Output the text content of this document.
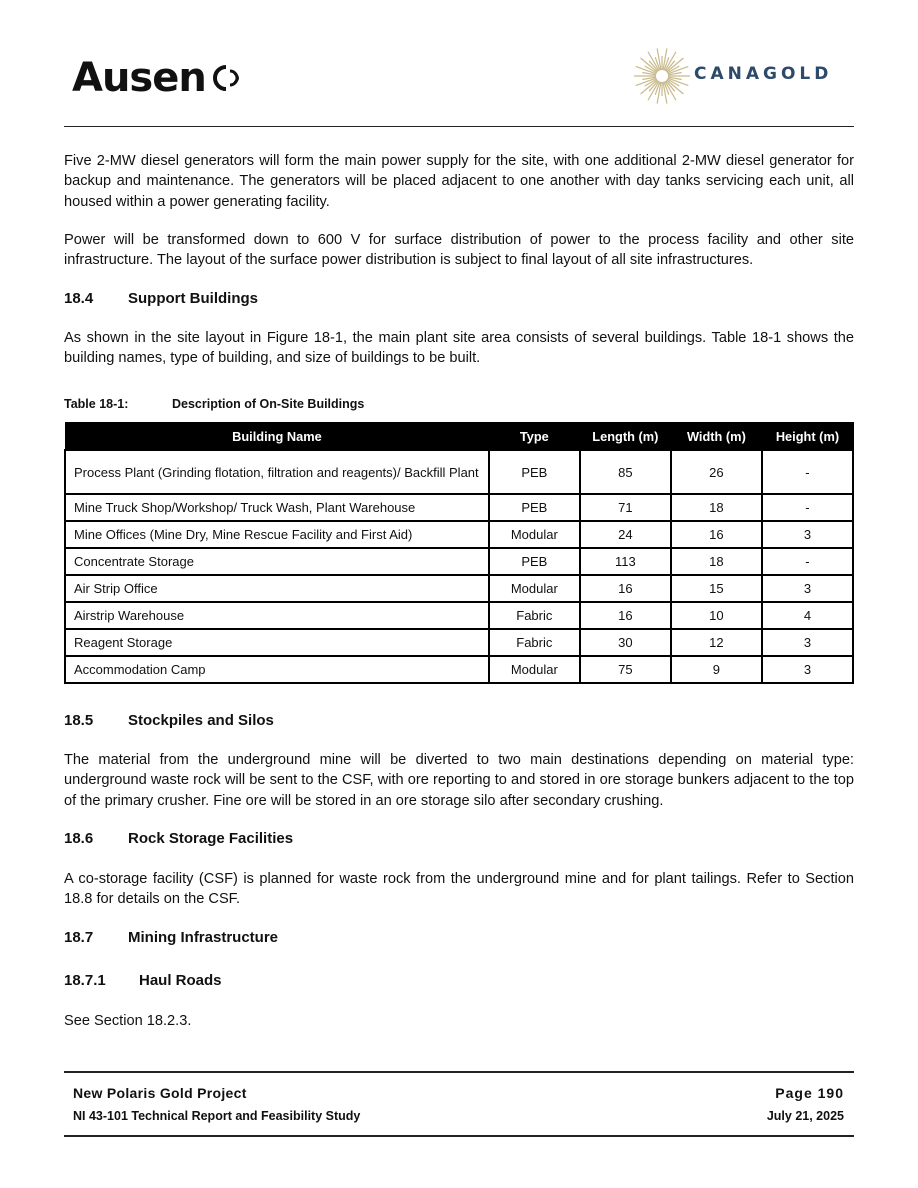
Ausen	CANAGOLD

Five 2-MW diesel generators will form the main power supply for the site, with one additional 2-MW diesel generator for backup and maintenance. The generators will be placed adjacent to one another with day tanks servicing each unit, all housed within a power generating facility.

Power will be transformed down to 600 V for surface distribution of power to the process facility and other site infrastructure. The layout of the surface power distribution is subject to final layout of all site infrastructures.

18.4 Support Buildings

As shown in the site layout in Figure 18-1, the main plant site area consists of several buildings. Table 18-1 shows the building names, type of building, and size of buildings to be built.

Table 18-1:	Description of On-Site Buildings
Building Name	Type	Length (m)	Width (m)	Height (m)
Process Plant (Grinding flotation, filtration and reagents)/ Backfill Plant	PEB	85	26	-
Mine Truck Shop/Workshop/ Truck Wash, Plant Warehouse	PEB	71	18	-
Mine Offices (Mine Dry, Mine Rescue Facility and First Aid)	Modular	24	16	3
Concentrate Storage	PEB	113	18	-
Air Strip Office	Modular	16	15	3
Airstrip Warehouse	Fabric	16	10	4
Reagent Storage	Fabric	30	12	3
Accommodation Camp	Modular	75	9	3
18.5 Stockpiles and Silos

The material from the underground mine will be diverted to two main destinations depending on material type: underground waste rock will be sent to the CSF, with ore reporting to and stored in ore storage bunkers adjacent to the top of the primary crusher. Fine ore will be stored in an ore storage silo after secondary crushing.

18.6 Rock Storage Facilities

A co-storage facility (CSF) is planned for waste rock from the underground mine and for plant tailings. Refer to Section 18.8 for details on the CSF.

18.7 Mining Infrastructure
18.7.1 Haul Roads

See Section 18.2.3.

New Polaris Gold Project
NI 43-101 Technical Report and Feasibility Study
Page 190
July 21, 2025
